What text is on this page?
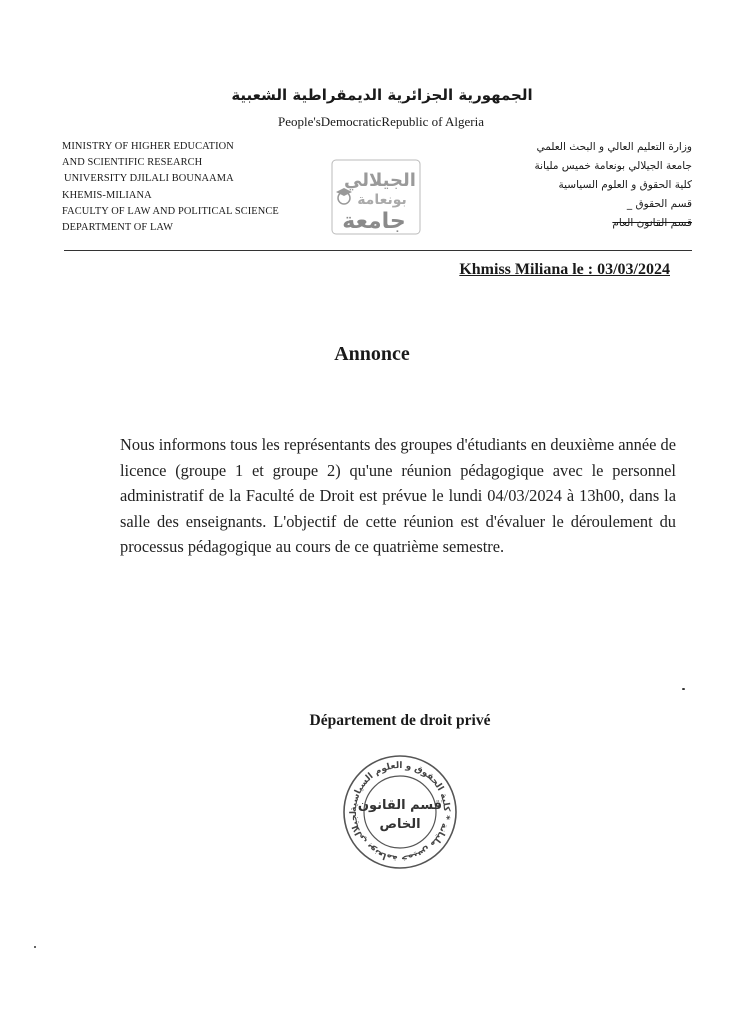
الجمهورية الجزائرية الديمقراطية الشعبية
People'sDemocraticRepublic of Algeria
MINISTRY OF HIGHER EDUCATION
AND SCIENTIFIC RESEARCH
UNIVERSITY DJILALI BOUNAAMA
KHEMIS-MILIANA
FACULTY OF LAW AND POLITICAL SCIENCE
DEPARTMENT OF LAW
الجيلالي
بونعامة
جامعة
وزارة التعليم العالي و البحث العلمي
جامعة الجيلالي بونعامة خميس مليانة
كلية الحقوق و العلوم السياسية
قسم الحقوق _
قسم القانون العام
Khmiss Miliana le : 03/03/2024
Annonce
Nous informons tous les représentants des groupes d'étudiants en deuxième année de licence (groupe 1 et groupe 2) qu'une réunion pédagogique avec le personnel administratif de la Faculté de Droit est prévue le lundi 04/03/2024 à 13h00, dans la salle des enseignants. L'objectif de cette réunion est d'évaluer le déroulement du processus pédagogique au cours de ce quatrième semestre.
Département de droit privé
الجيلالي بونعامة خميس مليانة * كلية الحقوق و العلوم السياسية
قسم القانون
الخاص
